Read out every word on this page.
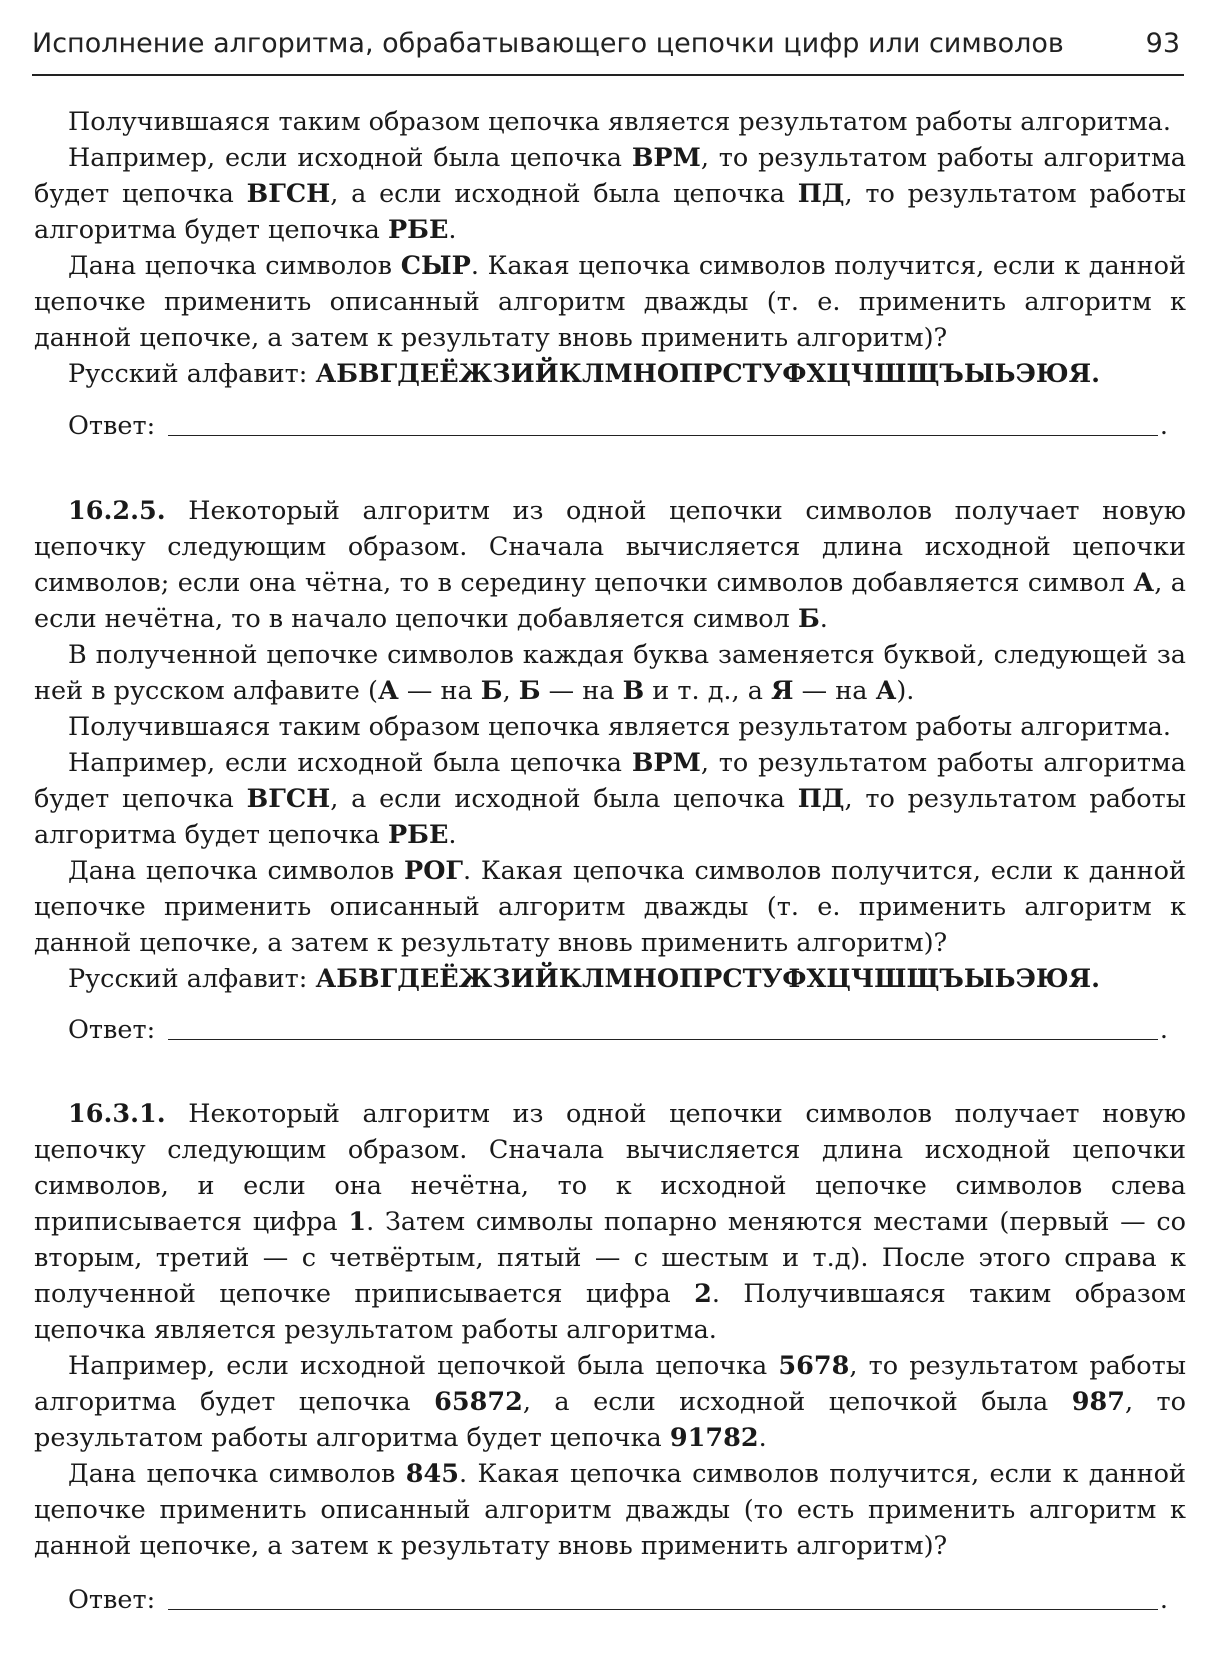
Исполнение алгоритма, обрабатывающего цепочки цифр или символов	93

Получившаяся таким образом цепочка является результатом работы алгоритма.

Например, если исходной была цепочка ВРМ, то результатом работы алгоритма будет цепочка ВГСН, а если исходной была цепочка ПД, то результатом работы алгоритма будет цепочка РБЕ.

Дана цепочка символов СЫР. Какая цепочка символов получится, если к данной цепочке применить описанный алгоритм дважды (т. е. применить алгоритм к данной цепочке, а затем к результату вновь применить алгоритм)?

Русский алфавит: АБВГДЕЁЖЗИЙКЛМНОПРСТУФХЦЧШЩЪЫЬЭЮЯ.

Ответ:	.

16.2.5. Некоторый алгоритм из одной цепочки символов получает новую цепочку следующим образом. Сначала вычисляется длина исходной цепочки символов; если она чётна, то в середину цепочки символов добавляется символ А, а если нечётна, то в начало цепочки добавляется символ Б.

В полученной цепочке символов каждая буква заменяется буквой, следующей за ней в русском алфавите (А — на Б, Б — на В и т. д., а Я — на А).

Получившаяся таким образом цепочка является результатом работы алгоритма.

Например, если исходной была цепочка ВРМ, то результатом работы алгоритма будет цепочка ВГСН, а если исходной была цепочка ПД, то результатом работы алгоритма будет цепочка РБЕ.

Дана цепочка символов РОГ. Какая цепочка символов получится, если к данной цепочке применить описанный алгоритм дважды (т. е. применить алгоритм к данной цепочке, а затем к результату вновь применить алгоритм)?

Русский алфавит: АБВГДЕЁЖЗИЙКЛМНОПРСТУФХЦЧШЩЪЫЬЭЮЯ.

Ответ:	.

16.3.1. Некоторый алгоритм из одной цепочки символов получает новую цепочку следующим образом. Сначала вычисляется длина исходной цепочки символов, и если она нечётна, то к исходной цепочке символов слева приписывается цифра 1. Затем символы попарно меняются местами (первый — со вторым, третий — с четвёртым, пятый — с шестым и т.д). После этого справа к полученной цепочке приписывается цифра 2. Получившаяся таким образом цепочка является результатом работы алгоритма.

Например, если исходной цепочкой была цепочка 5678, то результатом работы алгоритма будет цепочка 65872, а если исходной цепочкой была 987, то результатом работы алгоритма будет цепочка 91782.

Дана цепочка символов 845. Какая цепочка символов получится, если к данной цепочке применить описанный алгоритм дважды (то есть применить алгоритм к данной цепочке, а затем к результату вновь применить алгоритм)?

Ответ:	.
